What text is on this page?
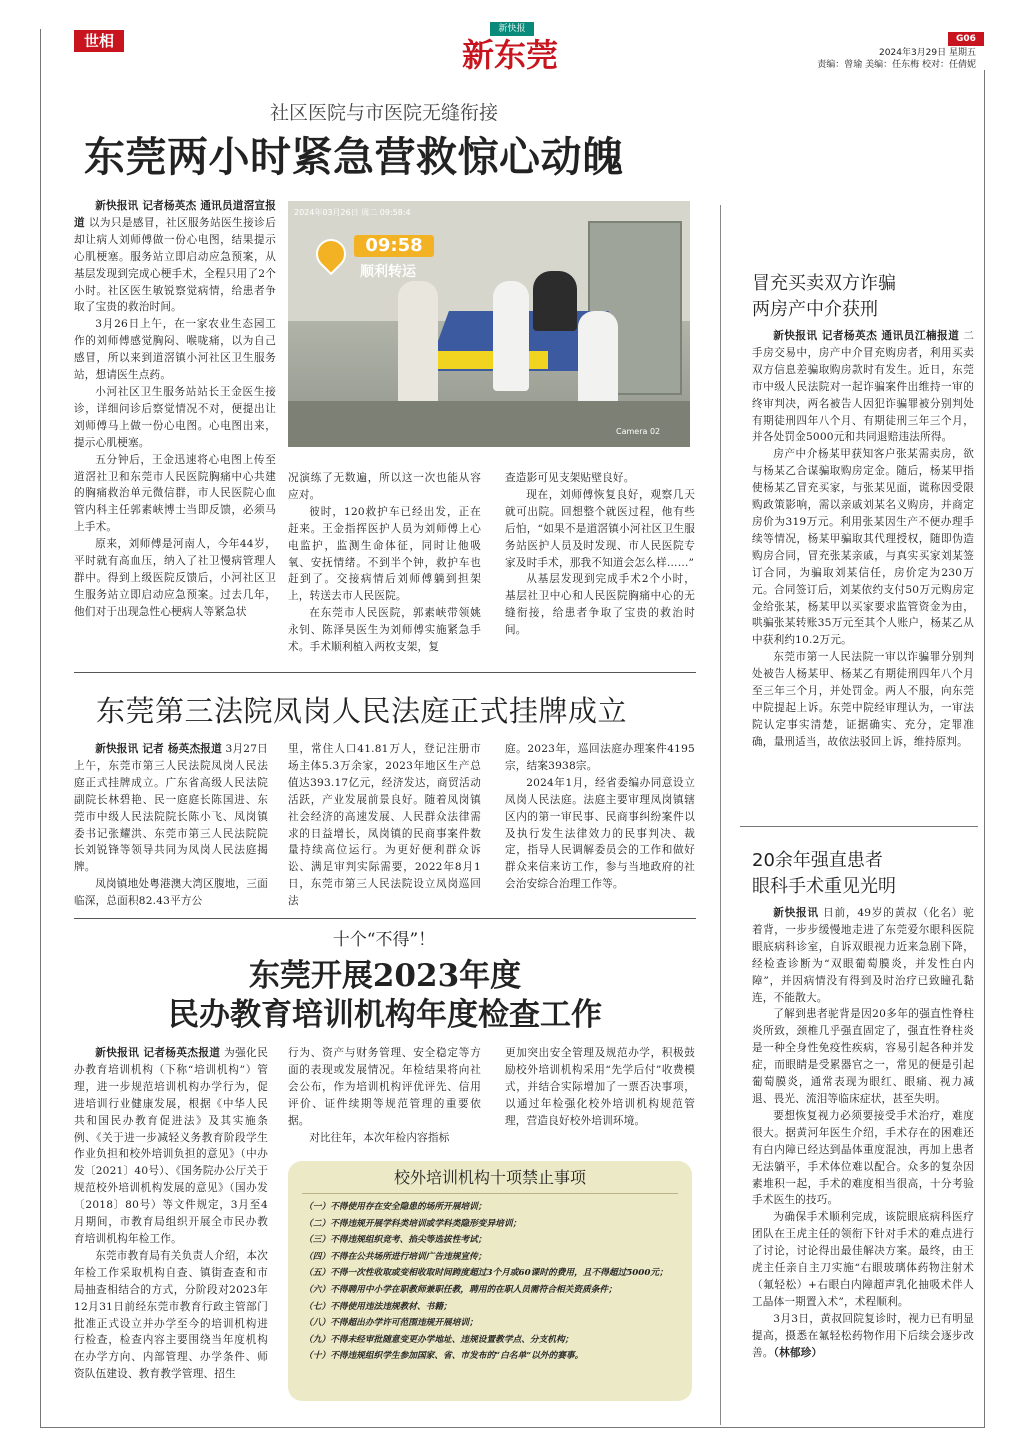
世相
新快报
新东莞	G06
2024年3月29日 星期五
责编：曾瑜 美编：任东梅 校对：任倩妮
社区医院与市医院无缝衔接
东莞两小时紧急营救惊心动魄
2024年03月26日 周二 09:58:4
09:58
顺利转运
Camera 02

新快报讯 记者杨英杰 通讯员道滘宣报道 以为只是感冒，社区服务站医生接诊后却让病人刘师傅做一份心电图，结果提示心肌梗塞。服务站立即启动应急预案，从基层发现到完成心梗手术，全程只用了2个小时。社区医生敏锐察觉病情，给患者争取了宝贵的救治时间。

3月26日上午，在一家农业生态园工作的刘师傅感觉胸闷、喉咙痛，以为自己感冒，所以来到道滘镇小河社区卫生服务站，想请医生点药。

小河社区卫生服务站站长王金医生接诊，详细问诊后察觉情况不对，便提出让刘师傅马上做一份心电图。心电图出来，提示心肌梗塞。

五分钟后，王金迅速将心电图上传至道滘社卫和东莞市人民医院胸痛中心共建的胸痛救治单元微信群，市人民医院心血管内科主任郭素峡博士当即反馈，必须马上手术。

原来，刘师傅是河南人，今年44岁，平时就有高血压，纳入了社卫慢病管理人群中。得到上级医院反馈后，小河社区卫生服务站立即启动应急预案。过去几年，他们对于出现急性心梗病人等紧急状

况演练了无数遍，所以这一次也能从容应对。

彼时，120救护车已经出发，正在赶来。王金指挥医护人员为刘师傅上心电监护，监测生命体征，同时让他吸氧、安抚情绪。不到半个钟，救护车也赶到了。交接病情后刘师傅躺到担架上，转送去市人民医院。

在东莞市人民医院，郭素峡带领姚永钊、陈泽昊医生为刘师傅实施紧急手术。手术顺利植入两枚支架，复

查造影可见支架贴壁良好。

现在，刘师傅恢复良好，观察几天就可出院。回想整个就医过程，他有些后怕，“如果不是道滘镇小河社区卫生服务站医护人员及时发现、市人民医院专家及时手术，那我不知道会怎么样……”

从基层发现到完成手术2个小时，基层社卫中心和人民医院胸痛中心的无缝衔接，给患者争取了宝贵的救治时间。

东莞第三法院凤岗人民法庭正式挂牌成立

新快报讯 记者 杨英杰报道 3月27日上午，东莞市第三人民法院凤岗人民法庭正式挂牌成立。广东省高级人民法院副院长林碧艳、民一庭庭长陈国进、东莞市中级人民法院院长陈小飞、凤岗镇委书记张耀洪、东莞市第三人民法院院长刘锐锋等领导共同为凤岗人民法庭揭牌。

凤岗镇地处粤港澳大湾区腹地，三面临深，总面积82.43平方公

里，常住人口41.81万人，登记注册市场主体5.3万余家，2023年地区生产总值达393.17亿元，经济发达，商贸活动活跃，产业发展前景良好。随着凤岗镇社会经济的高速发展、人民群众法律需求的日益增长，凤岗镇的民商事案件数量持续高位运行。为更好便利群众诉讼、满足审判实际需要，2022年8月1日，东莞市第三人民法院设立凤岗巡回法

庭。2023年，巡回法庭办理案件4195宗，结案3938宗。

2024年1月，经省委编办同意设立凤岗人民法庭。法庭主要审理凤岗镇辖区内的第一审民事、民商事纠纷案件以及执行发生法律效力的民事判决、裁定，指导人民调解委员会的工作和做好群众来信来访工作，参与当地政府的社会治安综合治理工作等。

十个“不得”！
东莞开展2023年度
民办教育培训机构年度检查工作

新快报讯 记者杨英杰报道 为强化民办教育培训机构（下称“培训机构”）管理，进一步规范培训机构办学行为，促进培训行业健康发展，根据《中华人民共和国民办教育促进法》及其实施条例、《关于进一步减轻义务教育阶段学生作业负担和校外培训负担的意见》（中办发〔2021〕40号）、《国务院办公厅关于规范校外培训机构发展的意见》（国办发〔2018〕80号）等文件规定，3月至4月期间，市教育局组织开展全市民办教育培训机构年检工作。

东莞市教育局有关负责人介绍，本次年检工作采取机构自查、镇街查查和市局抽查相结合的方式，分阶段对2023年12月31日前经东莞市教育行政主管部门批准正式设立并办学至今的培训机构进行检查，检查内容主要围绕当年度机构在办学方向、内部管理、办学条件、师资队伍建设、教育教学管理、招生

行为、资产与财务管理、安全稳定等方面的表现或发展情况。年检结果将向社会公布，作为培训机构评优评先、信用评价、证件续期等规范管理的重要依据。

对比往年，本次年检内容指标

更加突出安全管理及规范办学，积极鼓励校外培训机构采用“先学后付”收费模式，并结合实际增加了一票否决事项，以通过年检强化校外培训机构规范管理，营造良好校外培训环境。

校外培训机构十项禁止事项
（一）不得使用存在安全隐患的场所开展培训；
（二）不得违规开展学科类培训或学科类隐形变异培训；
（三）不得违规组织竞考、掐尖等选拔性考试；
（四）不得在公共场所进行培训广告违规宣传；
（五）不得一次性收取或变相收取时间跨度超过3个月或60课时的费用，且不得超过5000元；
（六）不得聘用中小学在职教师兼职任教，聘用的在职人员需符合相关资质条件；
（七）不得使用违法违规教材、书籍；
（八）不得超出办学许可范围违规开展培训；
（九）不得未经审批随意变更办学地址、违规设置教学点、分支机构；
（十）不得违规组织学生参加国家、省、市发布的“白名单”以外的赛事。
冒充买卖双方诈骗
两房产中介获刑

新快报讯 记者杨英杰 通讯员江楠报道 二手房交易中，房产中介冒充购房者，利用买卖双方信息差骗取购房款时有发生。近日，东莞市中级人民法院对一起诈骗案件出维持一审的终审判决，两名被告人因犯诈骗罪被分别判处有期徒刑四年八个月、有期徒刑三年三个月，并各处罚金5000元和共同退赔违法所得。

房产中介杨某甲获知客户张某需卖房，欲与杨某乙合谋骗取购房定金。随后，杨某甲指使杨某乙冒充买家，与张某见面，谎称因受限购政策影响，需以亲戚刘某名义购房，并商定房价为319万元。利用张某因生产不便办理手续等情况，杨某甲骗取其代理授权，随即伪造购房合同，冒充张某亲戚，与真实买家刘某签订合同，为骗取刘某信任，房价定为230万元。合同签订后，刘某依约支付50万元购房定金给张某，杨某甲以买家要求监管资金为由，哄骗张某转账35万元至其个人账户，杨某乙从中获利约10.2万元。

东莞市第一人民法院一审以诈骗罪分别判处被告人杨某甲、杨某乙有期徒刑四年八个月至三年三个月，并处罚金。两人不服，向东莞中院提起上诉。东莞中院经审理认为，一审法院认定事实清楚，证据确实、充分，定罪准确，量刑适当，故依法驳回上诉，维持原判。

20余年强直患者
眼科手术重见光明

新快报讯 日前，49岁的黄叔（化名）驼着背，一步步缓慢地走进了东莞爱尔眼科医院眼底病科诊室，自诉双眼视力近来急剧下降，经检查诊断为“双眼葡萄膜炎，并发性白内障”，并因病情没有得到及时治疗已致瞳孔黏连，不能散大。

了解到患者驼背是因20多年的强直性脊柱炎所致，颈椎几乎强直固定了，强直性脊柱炎是一种全身性免疫性疾病，容易引起各种并发症，而眼睛是受累器官之一，常见的便是引起葡萄膜炎，通常表现为眼红、眼痛、视力减退、畏光、流泪等临床症状，甚至失明。

要想恢复视力必须要接受手术治疗，难度很大。据黄河年医生介绍，手术存在的困难还有白内障已经达到晶体重度混浊，再加上患者无法躺平，手术体位难以配合。众多的复杂因素堆积一起，手术的难度相当很高，十分考验手术医生的技巧。

为确保手术顺利完成，该院眼底病科医疗团队在王虎主任的领衔下针对手术的难点进行了讨论，讨论得出最佳解决方案。最终，由王虎主任亲自主刀实施“右眼玻璃体药物注射术（氟轻松）+右眼白内障超声乳化抽吸术伴人工晶体一期置入术”，术程顺利。

3月3日，黄叔回院复诊时，视力已有明显提高，摄悉在氟轻松药物作用下后续会逐步改善。（林郁珍）
